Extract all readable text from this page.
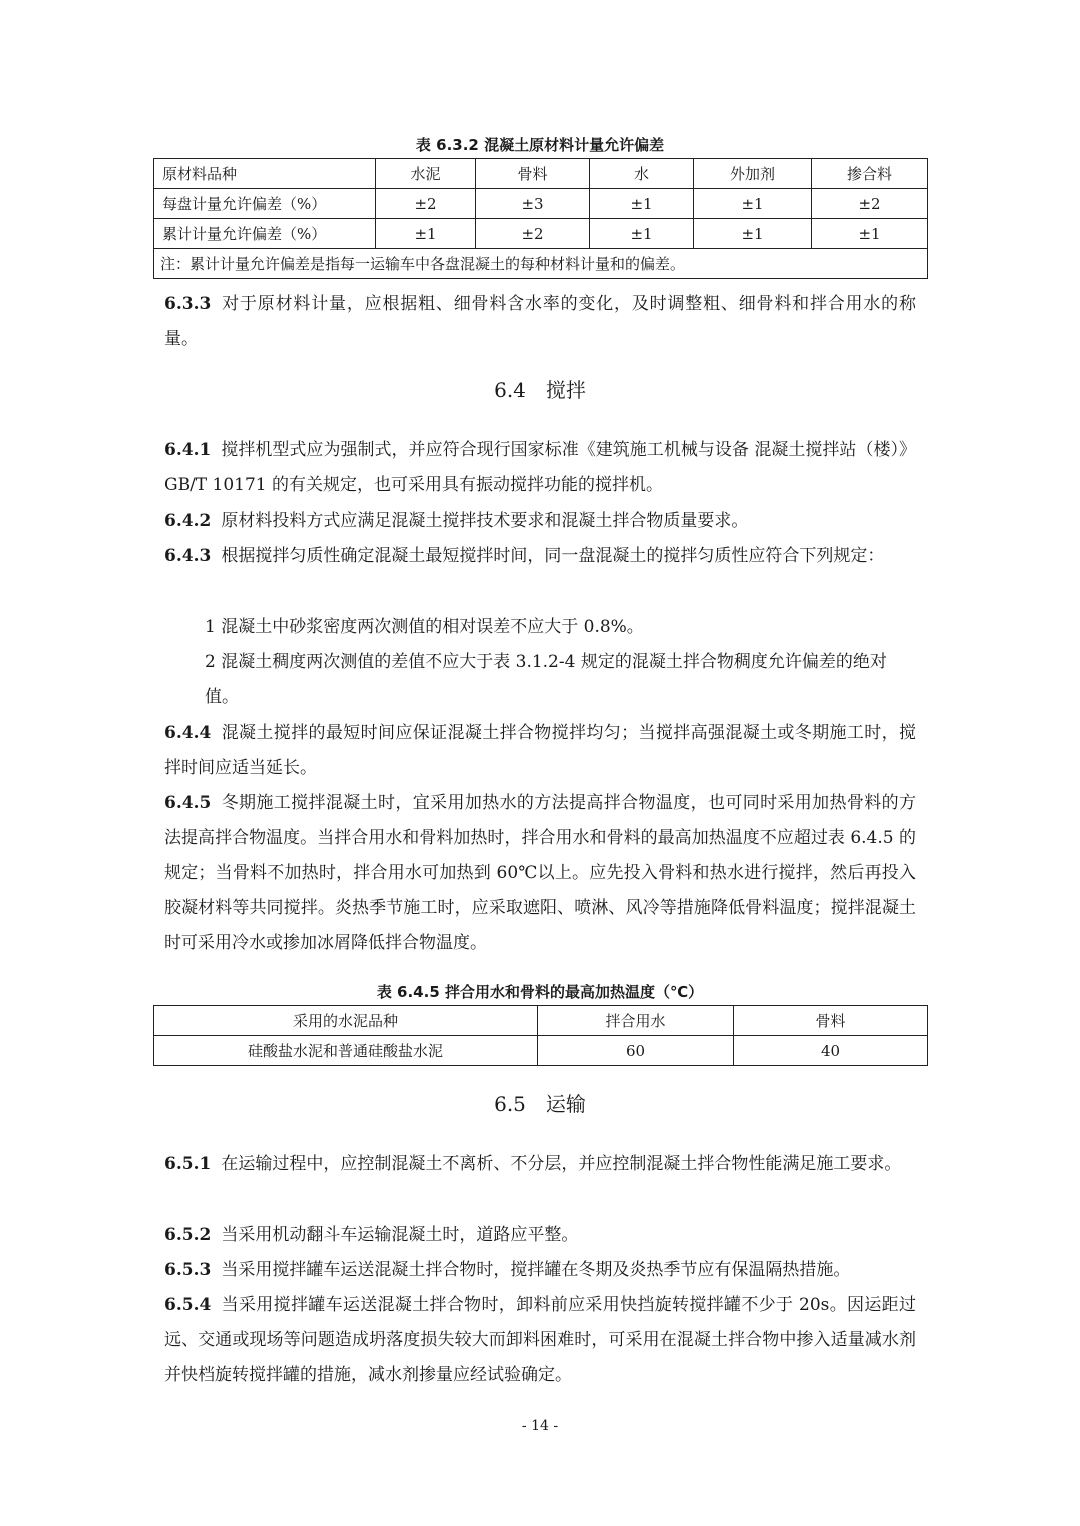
表 6.3.2 混凝土原材料计量允许偏差
原材料品种	水泥	骨料	水	外加剂	掺合料
每盘计量允许偏差（%）	±2	±3	±1	±1	±2
累计计量允许偏差（%）	±1	±2	±1	±1	±1
注：累计计量允许偏差是指每一运输车中各盘混凝土的每种材料计量和的偏差。					
6.3.3 对于原材料计量，应根据粗、细骨料含水率的变化，及时调整粗、细骨料和拌合用水的称量。
6.4　搅拌
6.4.1 搅拌机型式应为强制式，并应符合现行国家标准《建筑施工机械与设备 混凝土搅拌站（楼）》GB/T 10171 的有关规定，也可采用具有振动搅拌功能的搅拌机。
6.4.2 原材料投料方式应满足混凝土搅拌技术要求和混凝土拌合物质量要求。
6.4.3 根据搅拌匀质性确定混凝土最短搅拌时间，同一盘混凝土的搅拌匀质性应符合下列规定：
1 混凝土中砂浆密度两次测值的相对误差不应大于 0.8%。
2 混凝土稠度两次测值的差值不应大于表 3.1.2-4 规定的混凝土拌合物稠度允许偏差的绝对值。
6.4.4 混凝土搅拌的最短时间应保证混凝土拌合物搅拌均匀；当搅拌高强混凝土或冬期施工时，搅拌时间应适当延长。
6.4.5 冬期施工搅拌混凝土时，宜采用加热水的方法提高拌合物温度，也可同时采用加热骨料的方法提高拌合物温度。当拌合用水和骨料加热时，拌合用水和骨料的最高加热温度不应超过表 6.4.5 的规定；当骨料不加热时，拌合用水可加热到 60℃以上。应先投入骨料和热水进行搅拌，然后再投入胶凝材料等共同搅拌。炎热季节施工时，应采取遮阳、喷淋、风冷等措施降低骨料温度；搅拌混凝土时可采用冷水或掺加冰屑降低拌合物温度。
表 6.4.5 拌合用水和骨料的最高加热温度（℃）
采用的水泥品种	拌合用水	骨料
硅酸盐水泥和普通硅酸盐水泥	60	40
6.5　运输
6.5.1 在运输过程中，应控制混凝土不离析、不分层，并应控制混凝土拌合物性能满足施工要求。
6.5.2 当采用机动翻斗车运输混凝土时，道路应平整。
6.5.3 当采用搅拌罐车运送混凝土拌合物时，搅拌罐在冬期及炎热季节应有保温隔热措施。
6.5.4 当采用搅拌罐车运送混凝土拌合物时，卸料前应采用快挡旋转搅拌罐不少于 20s。因运距过远、交通或现场等问题造成坍落度损失较大而卸料困难时，可采用在混凝土拌合物中掺入适量减水剂并快档旋转搅拌罐的措施，减水剂掺量应经试验确定。
- 14 -
